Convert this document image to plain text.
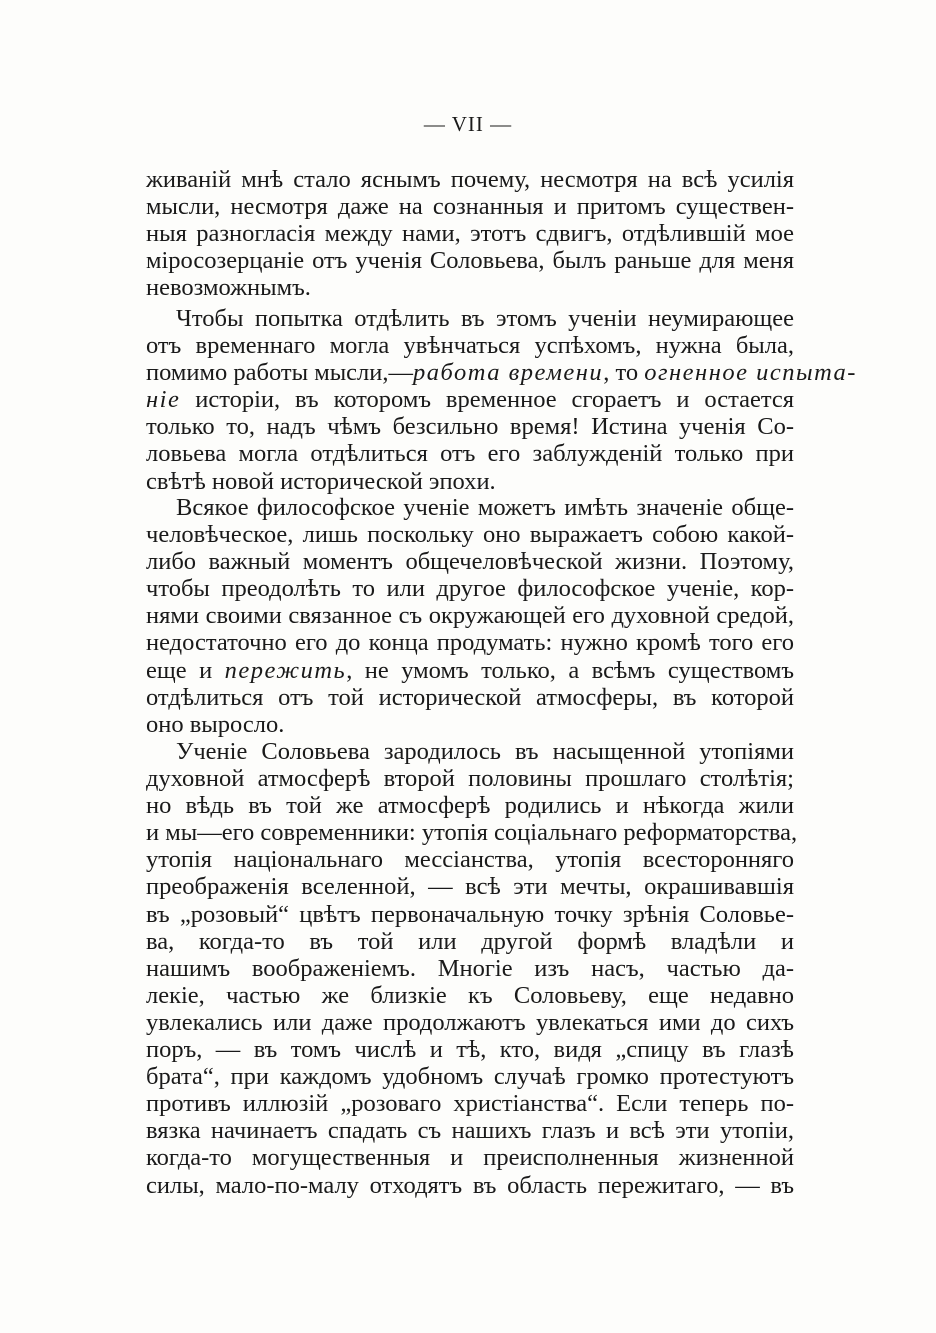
— VII —
живаній мнѣ стало яснымъ почему, несмотря на всѣ усилія
мысли, несмотря даже на сознанныя и притомъ существен-
ныя разногласія между нами, этотъ сдвигъ, отдѣлившій мое
міросозерцаніе отъ ученія Соловьева, былъ раньше для меня
невозможнымъ.
Чтобы попытка отдѣлить въ этомъ ученіи неумирающее
отъ временнаго могла увѣнчаться успѣхомъ, нужна была,
помимо работы мысли,—работа времени, то огненное испыта-
ніе исторіи, въ которомъ временное сгораетъ и остается
только то, надъ чѣмъ безсильно время! Истина ученія Со-
ловьева могла отдѣлиться отъ его заблужденій только при
свѣтѣ новой исторической эпохи.
Всякое философское ученіе можетъ имѣть значеніе обще-
человѣческое, лишь поскольку оно выражаетъ собою какой-
либо важный моментъ общечеловѣческой жизни. Поэтому,
чтобы преодолѣть то или другое философское ученіе, кор-
нями своими связанное съ окружающей его духовной средой,
недостаточно его до конца продумать: нужно кромѣ того его
еще и пережить, не умомъ только, а всѣмъ существомъ
отдѣлиться отъ той исторической атмосферы, въ которой
оно выросло.
Ученіе Соловьева зародилось въ насыщенной утопіями
духовной атмосферѣ второй половины прошлаго столѣтія;
но вѣдь въ той же атмосферѣ родились и нѣкогда жили
и мы—его современники: утопія соціальнаго реформаторства,
утопія національнаго мессіанства, утопія всесторонняго
преображенія вселенной, — всѣ эти мечты, окрашивавшія
въ „розовый“ цвѣтъ первоначальную точку зрѣнія Соловье-
ва, когда-то въ той или другой формѣ владѣли и
нашимъ воображеніемъ. Многіе изъ насъ, частью да-
лекіе, частью же близкіе къ Соловьеву, еще недавно
увлекались или даже продолжаютъ увлекаться ими до сихъ
поръ, — въ томъ числѣ и тѣ, кто, видя „спицу въ глазѣ
брата“, при каждомъ удобномъ случаѣ громко протестуютъ
противъ иллюзій „розоваго христіанства“. Если теперь по-
вязка начинаетъ спадать съ нашихъ глазъ и всѣ эти утопіи,
когда-то могущественныя и преисполненныя жизненной
силы, мало-по-малу отходятъ въ область пережитаго, — въ
